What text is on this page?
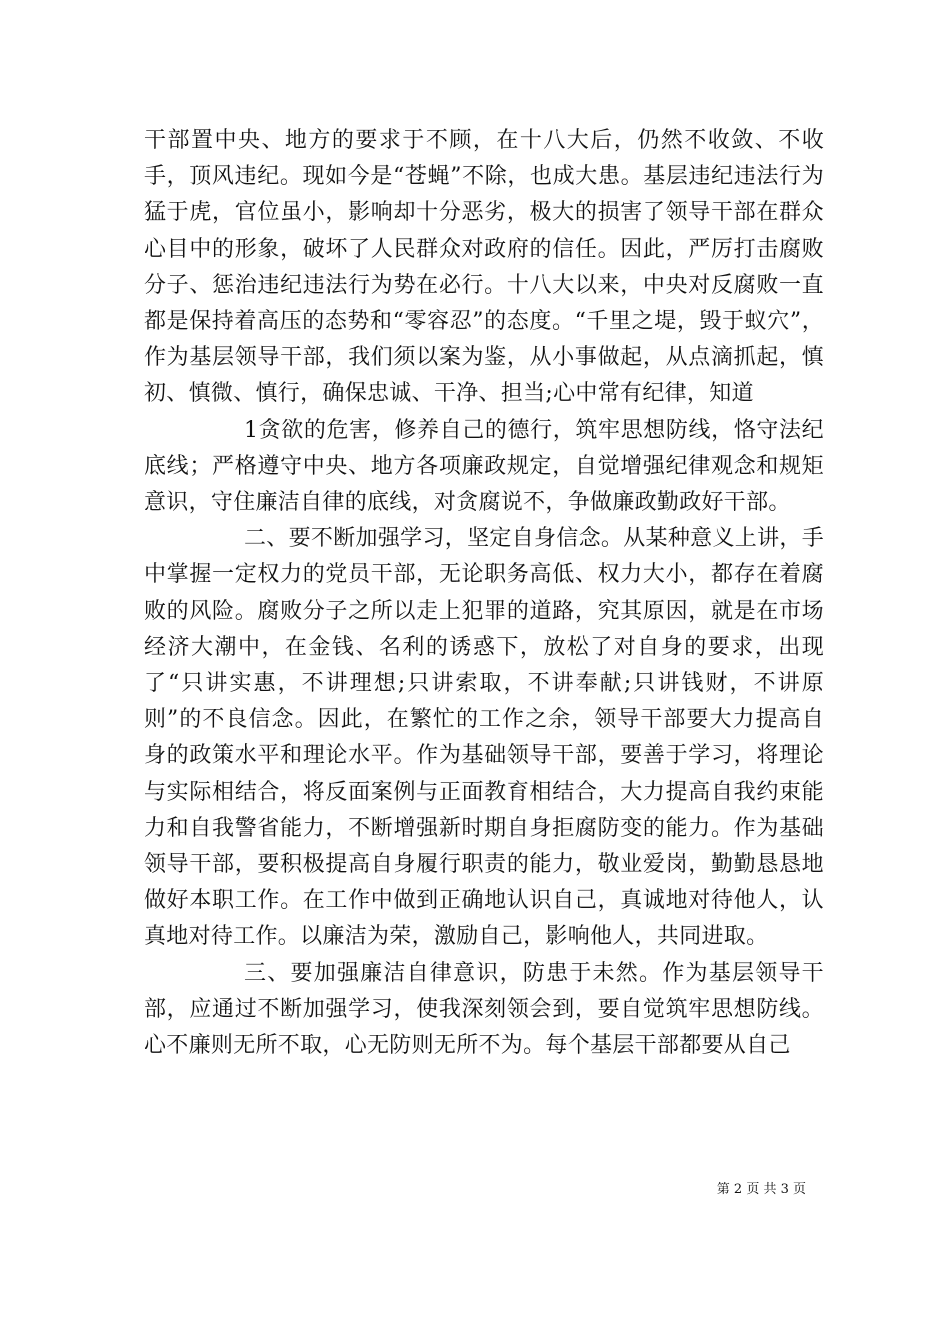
干部置中央、地方的要求于不顾，在十八大后，仍然不收敛、不收手，顶风违纪。现如今是“苍蝇”不除，也成大患。基层违纪违法行为猛于虎，官位虽小，影响却十分恶劣，极大的损害了领导干部在群众心目中的形象，破坏了人民群众对政府的信任。因此，严厉打击腐败分子、惩治违纪违法行为势在必行。十八大以来，中央对反腐败一直都是保持着高压的态势和“零容忍”的态度。“千里之堤，毁于蚁穴”，作为基层领导干部，我们须以案为鉴，从小事做起，从点滴抓起，慎初、慎微、慎行，确保忠诚、干净、担当;心中常有纪律，知道

1贪欲的危害，修养自己的德行，筑牢思想防线，恪守法纪底线；严格遵守中央、地方各项廉政规定，自觉增强纪律观念和规矩意识，守住廉洁自律的底线，对贪腐说不，争做廉政勤政好干部。

二、要不断加强学习，坚定自身信念。从某种意义上讲，手中掌握一定权力的党员干部，无论职务高低、权力大小，都存在着腐败的风险。腐败分子之所以走上犯罪的道路，究其原因，就是在市场经济大潮中，在金钱、名利的诱惑下，放松了对自身的要求，出现了“只讲实惠，不讲理想;只讲索取，不讲奉献;只讲钱财，不讲原则”的不良信念。因此，在繁忙的工作之余，领导干部要大力提高自身的政策水平和理论水平。作为基础领导干部，要善于学习，将理论与实际相结合，将反面案例与正面教育相结合，大力提高自我约束能力和自我警省能力，不断增强新时期自身拒腐防变的能力。作为基础领导干部，要积极提高自身履行职责的能力，敬业爱岗，勤勤恳恳地做好本职工作。在工作中做到正确地认识自己，真诚地对待他人，认真地对待工作。以廉洁为荣，激励自己，影响他人，共同进取。

三、要加强廉洁自律意识，防患于未然。作为基层领导干部，应通过不断加强学习，使我深刻领会到，要自觉筑牢思想防线。心不廉则无所不取，心无防则无所不为。每个基层干部都要从自己

第 2 页 共 3 页
